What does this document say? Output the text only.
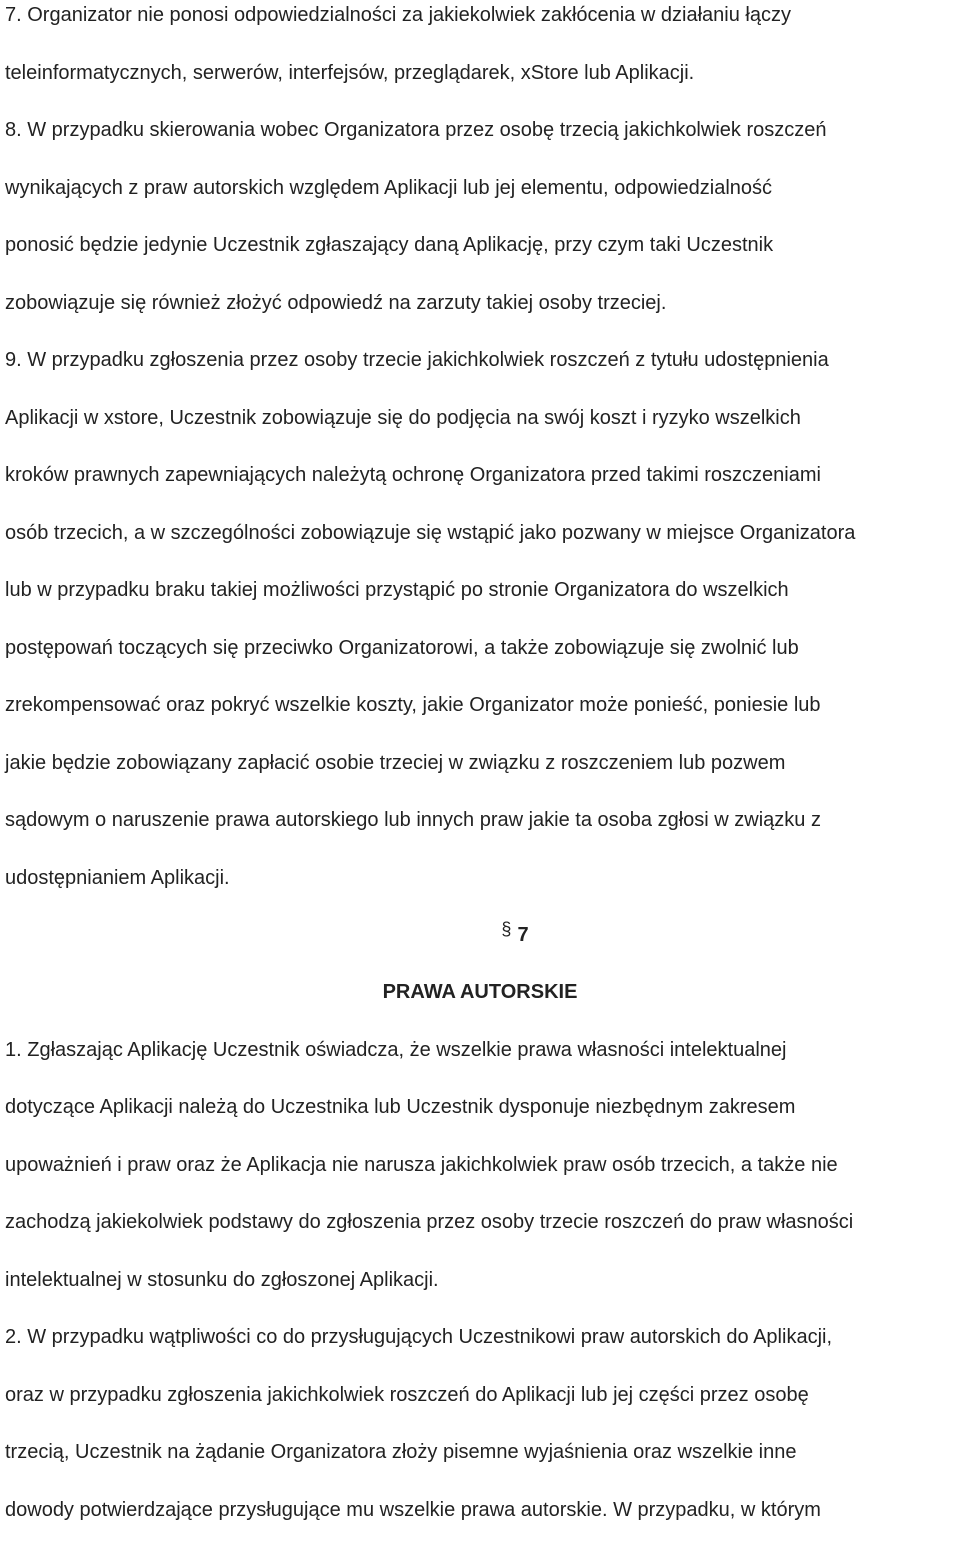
7. Organizator nie ponosi odpowiedzialności za jakiekolwiek zakłócenia w działaniu łączy
teleinformatycznych, serwerów, interfejsów, przeglądarek, xStore lub Aplikacji.
8. W przypadku skierowania wobec Organizatora przez osobę trzecią jakichkolwiek roszczeń
wynikających z praw autorskich względem Aplikacji lub jej elementu, odpowiedzialność
ponosić będzie jedynie Uczestnik zgłaszający daną Aplikację, przy czym taki Uczestnik
zobowiązuje się również złożyć odpowiedź na zarzuty takiej osoby trzeciej.
9. W przypadku zgłoszenia przez osoby trzecie jakichkolwiek roszczeń z tytułu udostępnienia
Aplikacji w xstore, Uczestnik zobowiązuje się do podjęcia na swój koszt i ryzyko wszelkich
kroków prawnych zapewniających należytą ochronę Organizatora przed takimi roszczeniami
osób trzecich, a w szczególności zobowiązuje się wstąpić jako pozwany w miejsce Organizatora
lub w przypadku braku takiej możliwości przystąpić po stronie Organizatora do wszelkich
postępowań toczących się przeciwko Organizatorowi, a także zobowiązuje się zwolnić lub
zrekompensować oraz pokryć wszelkie koszty, jakie Organizator może ponieść, poniesie lub
jakie będzie zobowiązany zapłacić osobie trzeciej w związku z roszczeniem lub pozwem
sądowym o naruszenie prawa autorskiego lub innych praw jakie ta osoba zgłosi w związku z
udostępnianiem Aplikacji.
§ 7
PRAWA AUTORSKIE
1. Zgłaszając Aplikację Uczestnik oświadcza, że wszelkie prawa własności intelektualnej
dotyczące Aplikacji należą do Uczestnika lub Uczestnik dysponuje niezbędnym zakresem
upoważnień i praw oraz że Aplikacja nie narusza jakichkolwiek praw osób trzecich, a także nie
zachodzą jakiekolwiek podstawy do zgłoszenia przez osoby trzecie roszczeń do praw własności
intelektualnej w stosunku do zgłoszonej Aplikacji.
2. W przypadku wątpliwości co do przysługujących Uczestnikowi praw autorskich do Aplikacji,
oraz w przypadku zgłoszenia jakichkolwiek roszczeń do Aplikacji lub jej części przez osobę
trzecią, Uczestnik na żądanie Organizatora złoży pisemne wyjaśnienia oraz wszelkie inne
dowody potwierdzające przysługujące mu wszelkie prawa autorskie. W przypadku, w którym
